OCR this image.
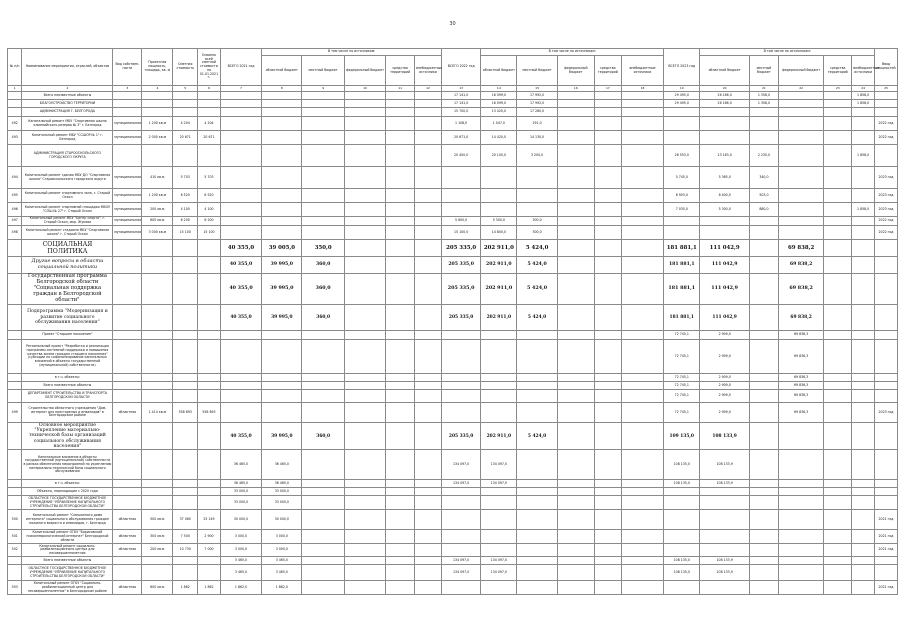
30
№ п/п	Наименование мероприятия, отраслей, объектов	Вид собствен-ности	Проектная мощность, площадь, кв. м	Сметная стоимость	Освоено всей сметной стоимости на 01.01.2021 г.	ВСЕГО 2021 год	В том числе по источникам:					ВСЕГО 2022 год	В том числе по источникам:					ВСЕГО 2023 год	В том числе по источникам:					Ввод мощностей
							областной бюджет	местный бюджет	федеральный бюджет	средства территорий	внебюджетные источники		областной бюджет	местный бюджет	федеральный бюджет	средства территорий	внебюджетные источники		областной бюджет	местный бюджет	федеральный бюджет	средства территорий	внебюджетные источники	
1	2	3	4	5	6	7	8	9	10	11	12	13	14	15	16	17	18	19	20	21	22	23	24	25
	Всего неязвестные объекты											17 141,0	16 099,0	17 992,0				29 495,0	26 166,0	1 358,0			1 858,0	
	БЛАГОУСТРОЙСТВО ТЕРРИТОРИИ											17 141,0	16 099,0	17 992,0				29 495,0	26 166,0	1 358,0			1 858,0	
	АДМИНИСТРАЦИЯ Г. БЕЛГОРОДА											15 700,0	13 420,0	17 280,0										
492	Капитальный ремонт МБУ "Спортивная школа олимпийского резерва № 3" г. Белгород	муниципальная	1 200 кв.м	4 204	4 204							1 108,0	1 047,0	291,0										2022 год
493	Капитальный ремонт МБУ "ССШОР № 1" г. Белгород	муниципальная	2 000 кв.м	20 671	20 671							20 671,0	14 420,0	14 130,0										2022 год
	АДМИНИСТРАЦИЯ СТАРООСКОЛЬСКОГО ГОРОДСКОГО ОКРУГА											20 400,0	20 100,0	3 200,0				26 553,0	23 163,0	2 230,0			1 858,0	
494	Капитальный ремонт здания МБУ ДО "Спортивная школа" Старооскольского городского округа	муниципальная	410 кв.м	5 703	5 703													5 745,0	5 365,0	340,0				2023 год
495	Капитальный ремонт спортивного зала, г. Старый Оскол	муниципальная	1 200 кв.м	6 520	6 520													6 903,0	6 400,0	503,0				2023 год
496	Капитальный ремонт спортивной площадки МБОУ "СОШ № 27" г. Старый Оскол	муниципальная	200 кв.м	4 100	4 100													7 035,0	5 300,0	880,0			1 858,0	2023 год
497	Капитальный ремонт МБУ "Центр спорта", г. Старый Оскол, мкр. Жукова	муниципальная	600 кв.м	6 200	6 200							5 600,0	5 300,0	300,0										2022 год
498	Капитальный ремонт стадиона МБУ "Спортивная школа" г. Старый Оскол	муниципальная	3 000 кв.м	15 100	15 100							15 100,0	14 800,0	300,0										2022 год
	СОЦИАЛЬНАЯ ПОЛИТИКА					40 355,0	39 005,0	350,0				205 335,0	202 911,0	5 424,0				181 881,1	111 042,9		69 838,2			
	Другие вопросы в области социальной политики					40 355,0	39 995,0	360,0				205 335,0	202 911,0	5 424,0				181 881,1	111 042,9		69 838,2			
	Государственная программа Белгородской области "Социальная поддержка граждан в Белгородской области"					40 355,0	39 995,0	360,0				205 335,0	202 911,0	5 424,0				181 881,1	111 042,9		69 838,2			
	Подпрограмма "Модернизация и развитие социального обслуживания населения"					40 355,0	39 995,0	360,0				205 335,0	202 911,0	5 424,0				181 881,1	111 042,9		69 838,2			
	Проект "Старшее поколение"																	72 745,1	2 909,0		69 836,3			
	Региональный проект "Разработка и реализация программы системной поддержки и повышения качества жизни граждан старшего поколения" (субсидии на софинансирование капитальных вложений в объекты государственной (муниципальной) собственности)																	72 745,1	2 909,0		69 836,3			
	в т.ч. объекты:																	72 745,1	2 909,0		69 836,3			
	Всего неизвестные объекты																	72 745,1	2 909,0		69 836,3			
	ДЕПАРТАМЕНТ СТРОИТЕЛЬСТВА И ТРАНСПОРТА БЕЛГОРОДСКОЙ ОБЛАСТИ																	72 745,1	2 909,0		69 836,3			
499	Строительство областного учреждения "Дом-интернат для престарелых и инвалидов" в Белгородском районе	областная	1 414 кв.м	558 893	558 893													72 745,1	2 909,0		69 836,3			2023 год
	Основное мероприятие "Укрепление материально-технической базы организаций социального обслуживания населения"					40 355,0	39 995,0	360,0				205 335,0	202 911,0	5 424,0				109 135,0	108 133,9					
	Капитальные вложения в объекты государственной (муниципальной) собственности в рамках обеспечения мероприятий по укреплению материально-технической базы социального обслуживания					36 465,0	36 465,0					134 097,0	134 097,0					108 135,0	108 133,9					
	в т.ч. объекты:					36 465,0	36 465,0					134 097,0	134 097,0					108 135,0	108 133,9					
	Объекты, переходящие с 2020 года					33 000,0	33 000,0																	
	ОБЛАСТНОЕ ГОСУДАРСТВЕННОЕ БЮДЖЕТНОЕ УЧРЕЖДЕНИЕ "УПРАВЛЕНИЕ КАПИТАЛЬНОГО СТРОИТЕЛЬСТВА БЕЛГОРОДСКОЙ ОБЛАСТИ"					33 000,0	33 000,0																	
500	Капитальный ремонт "Смешанного дома интерната" социального обслуживания граждан пожилого возраста и инвалидов, г. Белгород	областная	500 кв.м	37 060	25 149	30 000,0	30 000,0																	2021 год
501	Капитальный ремонт ОГБУ "Борисовский психоневрологический интернат" Белгородской области	областная	300 кв.м	7 500	2 900	3 000,0	3 000,0																	2021 год
502	Капитальный ремонт социально-реабилитационного центра для несовершеннолетних	областная	200 кв.м	10 730	7 000	3 000,0	3 000,0																	2021 год
	Всего неизвестные объекты					3 465,0	3 465,0					134 097,0	134 097,0					108 135,0	108 133,9					
	ОБЛАСТНОЕ ГОСУДАРСТВЕННОЕ БЮДЖЕТНОЕ УЧРЕЖДЕНИЕ "УПРАВЛЕНИЕ КАПИТАЛЬНОГО СТРОИТЕЛЬСТВА БЕЛГОРОДСКОЙ ОБЛАСТИ"					3 465,0	3 465,0					134 097,0	134 097,0					108 135,0	108 133,9					
503	Капитальный ремонт ОГБУ "Социально-реабилитационный центр для несовершеннолетних" в Белгородском районе	областная	600 кв.м	1 862	1 862	1 862,0	1 862,0																	2021 год
